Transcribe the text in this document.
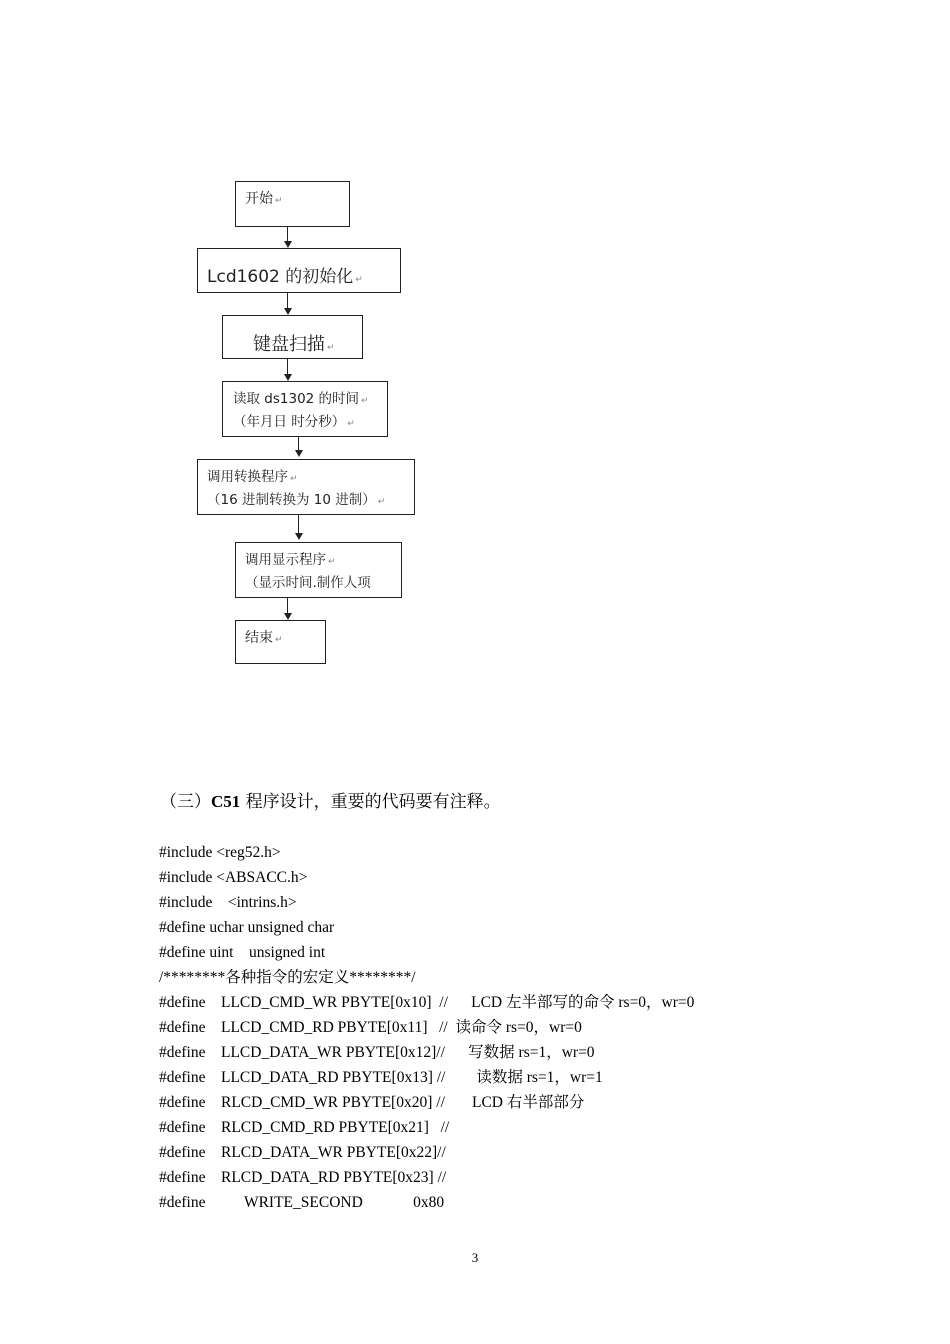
开始 ↵
Lcd1602 的初始化 ↵
键盘扫描 ↵
读取 ds1302 的时间 ↵
（年月日 时分秒） ↵
调用转换程序 ↵
（16 进制转换为 10 进制） ↵
调用显示程序 ↵
（显示时间.制作人项
结束 ↵
（三）C51 程序设计，重要的代码要有注释。
#include <reg52.h>
#include <ABSACC.h>
#include    <intrins.h>
#define uchar unsigned char
#define uint    unsigned int
/********各种指令的宏定义********/
#define    LLCD_CMD_WR PBYTE[0x10]  //      LCD 左半部写的命令 rs=0，wr=0
#define    LLCD_CMD_RD PBYTE[0x11]   //  读命令 rs=0，wr=0
#define    LLCD_DATA_WR PBYTE[0x12]//      写数据 rs=1，wr=0
#define    LLCD_DATA_RD PBYTE[0x13] //        读数据 rs=1，wr=1
#define    RLCD_CMD_WR PBYTE[0x20] //       LCD 右半部部分
#define    RLCD_CMD_RD PBYTE[0x21]   //
#define    RLCD_DATA_WR PBYTE[0x22]//
#define    RLCD_DATA_RD PBYTE[0x23] //
#define          WRITE_SECOND             0x80
3
